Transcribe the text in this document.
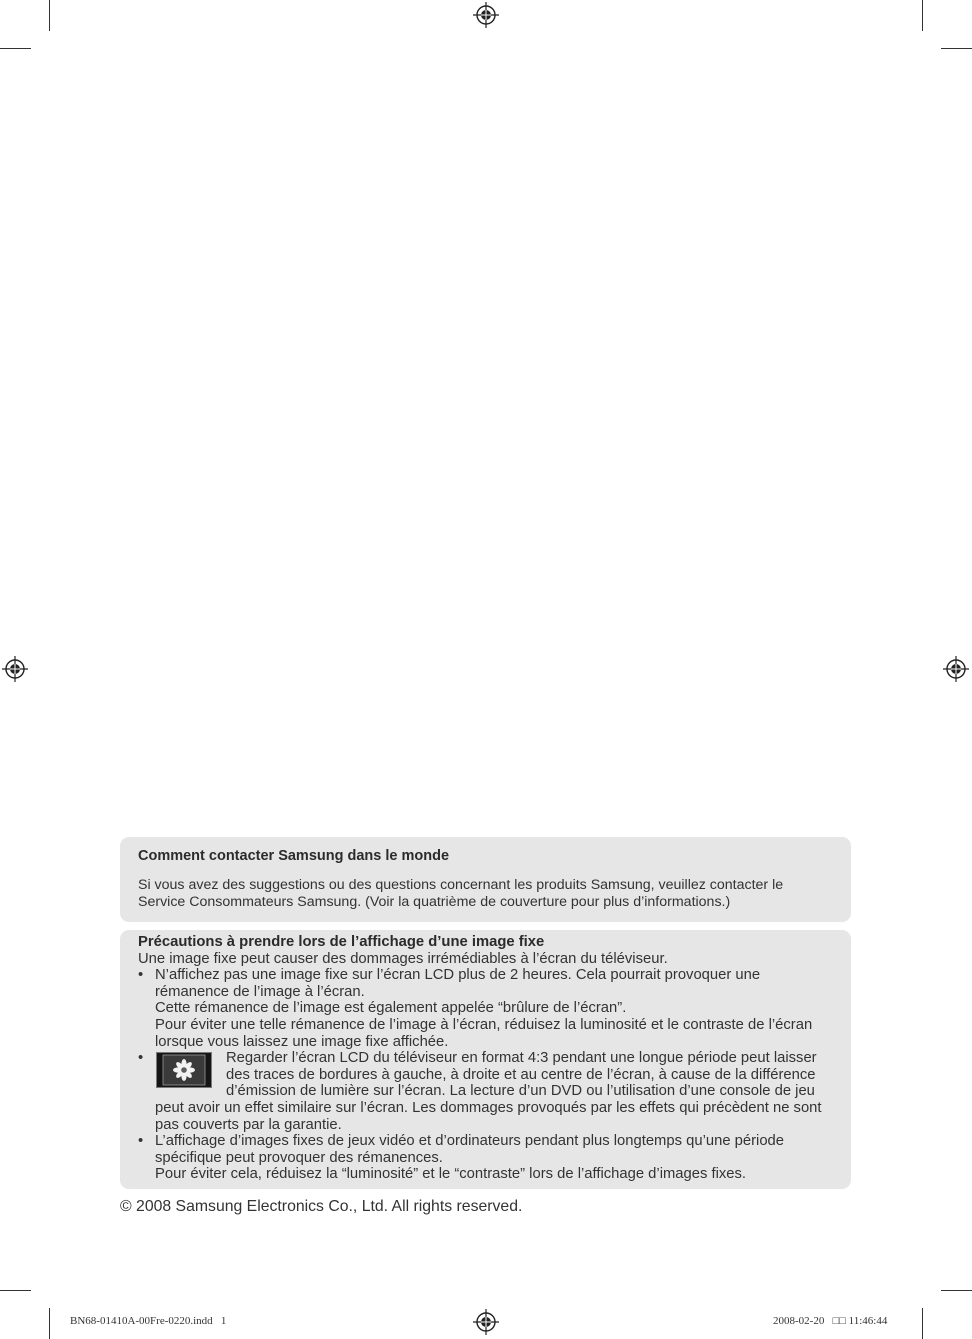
Comment contacter Samsung dans le monde

Si vous avez des suggestions ou des questions concernant les produits Samsung, veuillez contacter le Service Consommateurs Samsung. (Voir la quatrième de couverture pour plus d’informations.)

Précautions à prendre lors de l’affichage d’une image fixe

Une image fixe peut causer des dommages irrémédiables à l’écran du téléviseur.

• N’affichez pas une image fixe sur l’écran LCD plus de 2 heures. Cela pourrait provoquer une rémanence de l’image à l’écran.
Cette rémanence de l’image est également appelée “brûlure de l’écran”.
Pour éviter une telle rémanence de l’image à l’écran, réduisez la luminosité et le contraste de l’écran lorsque vous laissez une image fixe affichée.
•	Regarder l’écran LCD du téléviseur en format 4:3 pendant une longue période peut laisser des traces de bordures à gauche, à droite et au centre de l’écran, à cause de la différence d’émission de lumière sur l’écran. La lecture d’un DVD ou l’utilisation d’une console de jeu peut avoir un effet similaire sur l’écran. Les dommages provoqués par les effets qui précèdent ne sont pas couverts par la garantie.
• L’affichage d’images fixes de jeux vidéo et d’ordinateurs pendant plus longtemps qu’une période spécifique peut provoquer des rémanences.
Pour éviter cela, réduisez la “luminosité” et le “contraste” lors de l’affichage d’images fixes.

© 2008 Samsung Electronics Co., Ltd. All rights reserved.

BN68-01410A-00Fre-0220.indd   1	2008-02-20   □□ 11:46:44
